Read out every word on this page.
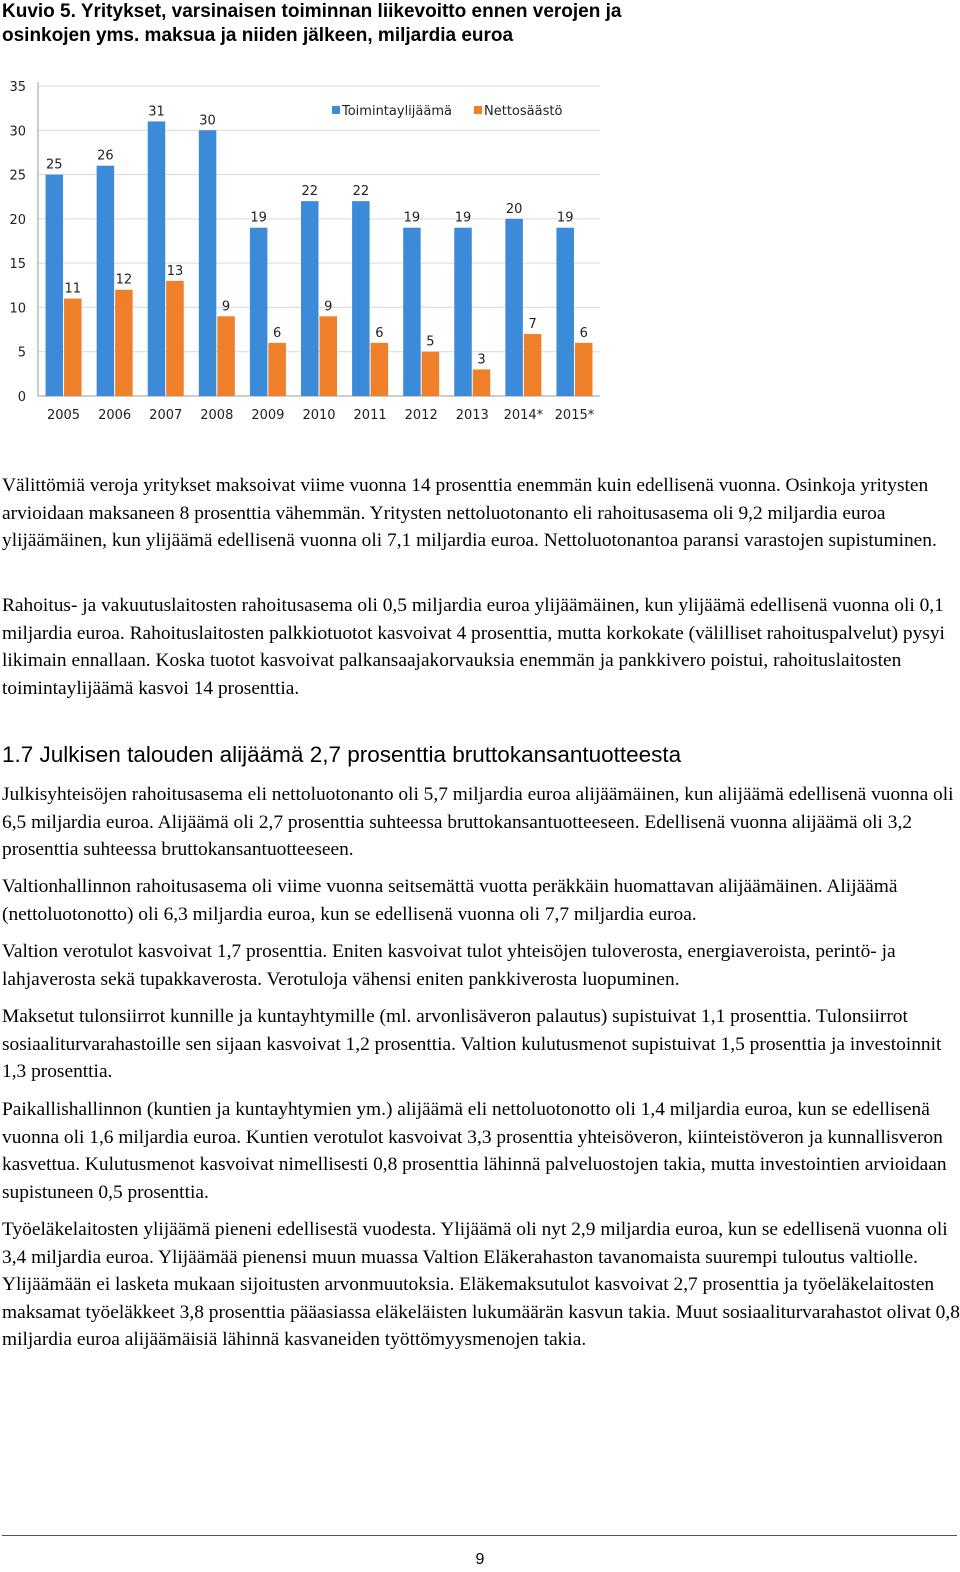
Kuvio 5. Yritykset, varsinaisen toiminnan liikevoitto ennen verojen ja osinkojen yms. maksua ja niiden jälkeen, miljardia euroa
0
5
10
15
20
25
30
35
25
11
2005
26
12
2006
31
13
2007
30
9
2008
19
6
2009
22
9
2010
22
6
2011
19
5
2012
19
3
2013
20
7
2014*
19
6
2015*
Toimintaylijäämä Nettosäästö

Välittömiä veroja yritykset maksoivat viime vuonna 14 prosenttia enemmän kuin edellisenä vuonna. Osinkoja yritysten arvioidaan maksaneen 8 prosenttia vähemmän. Yritysten nettoluotonanto eli rahoitusasema oli 9,2 miljardia euroa ylijäämäinen, kun ylijäämä edellisenä vuonna oli 7,1 miljardia euroa. Nettoluotonantoa paransi varastojen supistuminen.

Rahoitus- ja vakuutuslaitosten rahoitusasema oli 0,5 miljardia euroa ylijäämäinen, kun ylijäämä edellisenä vuonna oli 0,1 miljardia euroa. Rahoituslaitosten palkkiotuotot kasvoivat 4 prosenttia, mutta korkokate (välilliset rahoituspalvelut) pysyi likimain ennallaan. Koska tuotot kasvoivat palkansaajakorvauksia enemmän ja pankkivero poistui, rahoituslaitosten toimintaylijäämä kasvoi 14 prosenttia.

1.7 Julkisen talouden alijäämä 2,7 prosenttia bruttokansantuotteesta

Julkisyhteisöjen rahoitusasema eli nettoluotonanto oli 5,7 miljardia euroa alijäämäinen, kun alijäämä edellisenä vuonna oli 6,5 miljardia euroa. Alijäämä oli 2,7 prosenttia suhteessa bruttokansantuotteeseen. Edellisenä vuonna alijäämä oli 3,2 prosenttia suhteessa bruttokansantuotteeseen.

Valtionhallinnon rahoitusasema oli viime vuonna seitsemättä vuotta peräkkäin huomattavan alijäämäinen. Alijäämä (nettoluotonotto) oli 6,3 miljardia euroa, kun se edellisenä vuonna oli 7,7 miljardia euroa.

Valtion verotulot kasvoivat 1,7 prosenttia. Eniten kasvoivat tulot yhteisöjen tuloverosta, energiaveroista, perintö- ja lahjaverosta sekä tupakkaverosta. Verotuloja vähensi eniten pankkiverosta luopuminen.

Maksetut tulonsiirrot kunnille ja kuntayhtymille (ml. arvonlisäveron palautus) supistuivat 1,1 prosenttia. Tulonsiirrot sosiaaliturvarahastoille sen sijaan kasvoivat 1,2 prosenttia. Valtion kulutusmenot supistuivat 1,5 prosenttia ja investoinnit 1,3 prosenttia.

Paikallishallinnon (kuntien ja kuntayhtymien ym.) alijäämä eli nettoluotonotto oli 1,4 miljardia euroa, kun se edellisenä vuonna oli 1,6 miljardia euroa. Kuntien verotulot kasvoivat 3,3 prosenttia yhteisöveron, kiinteistöveron ja kunnallisveron kasvettua. Kulutusmenot kasvoivat nimellisesti 0,8 prosenttia lähinnä palveluostojen takia, mutta investointien arvioidaan supistuneen 0,5 prosenttia.

Työeläkelaitosten ylijäämä pieneni edellisestä vuodesta. Ylijäämä oli nyt 2,9 miljardia euroa, kun se edellisenä vuonna oli 3,4 miljardia euroa. Ylijäämää pienensi muun muassa Valtion Eläkerahaston tavanomaista suurempi tuloutus valtiolle. Ylijäämään ei lasketa mukaan sijoitusten arvonmuutoksia. Eläkemaksutulot kasvoivat 2,7 prosenttia ja työeläkelaitosten maksamat työeläkkeet 3,8 prosenttia pääasiassa eläkeläisten lukumäärän kasvun takia. Muut sosiaaliturvarahastot olivat 0,8 miljardia euroa alijäämäisiä lähinnä kasvaneiden työttömyysmenojen takia.

9
